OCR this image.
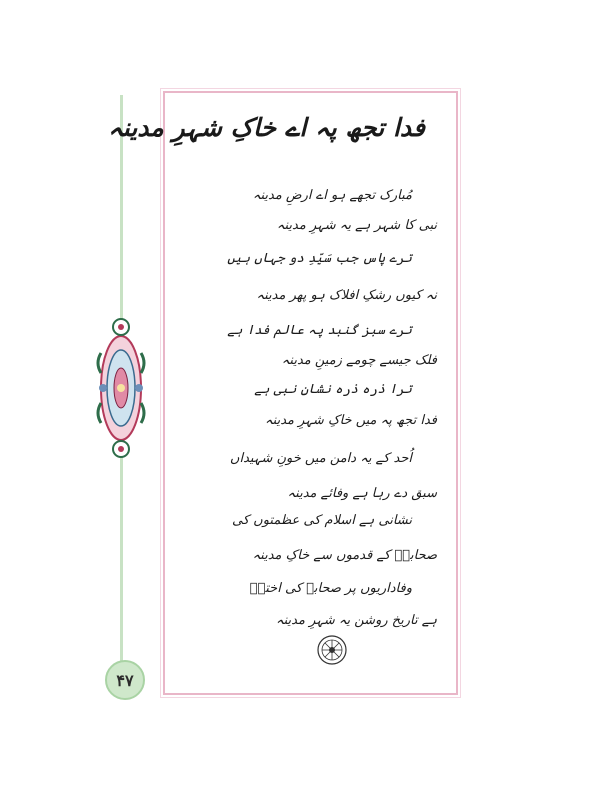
۴۷
فدا تجھ پہ اے خاکِ شہرِ مدینہ
مُبارک تجھے ہو اے ارضِ مدینہ
نبی کا شہر ہے یہ شہرِ مدینہ
ترے پاس جب سَیّدِ دو جہاں ہیں
نہ کیوں رشکِ افلاک ہو پھر مدینہ
ترے سبز گنبد پہ عالم فدا ہے
فلک جیسے چومے زمینِ مدینہ
ترا ذرہ ذرہ نشانِ نبی ہے
فدا تجھ پہ میں خاکِ شہرِ مدینہ
اُحد کے یہ دامن میں خونِ شہیداں
سبق دے رہا ہے وفائے مدینہ
نشانی ہے اسلام کی عظمتوں کی
صحابہؓ کے قدموں سے خاکِ مدینہ
وفاداریوں پر صحابہ کی اخترؔ
ہے تاریخ روشن یہ شہرِ مدینہ
